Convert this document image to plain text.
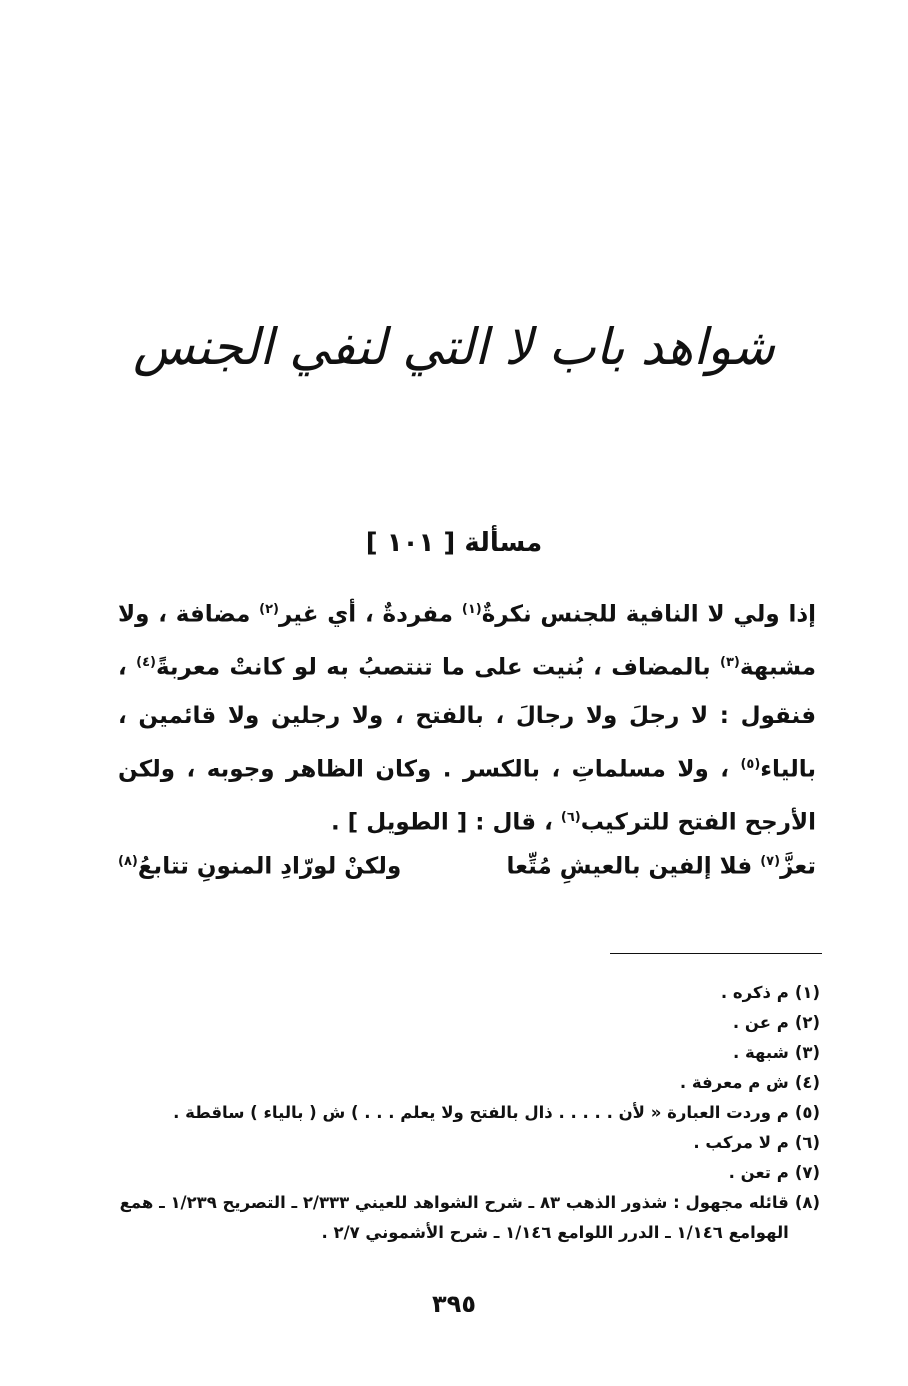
شواهد باب لا التي لنفي الجنس
مسألة [ ١٠١ ]
إذا ولي لا النافية للجنس نكرةٌ$^{(١)}$ مفردةٌ ، أي غير$^{(٢)}$ مضافة ، ولا مشبهة$^{(٣)}$ بالمضاف ، بُنيت على ما تنتصبُ به لو كانتْ معربةً$^{(٤)}$ ، فنقول : لا رجلَ ولا رجالَ ، بالفتح ، ولا رجلين ولا قائمين ، بالياء$^{(٥)}$ ، ولا مسلماتِ ، بالكسر . وكان الظاهر وجوبه ، ولكن الأرجح الفتح للتركيب$^{(٦)}$ ، قال : [ الطويل ] .
تعزَّ$^{(٧)}$ فلا إلفين بالعيشِ مُتِّعا
ولكنْ لورّادِ المنونِ تتابعُ$^{(٨)}$
(١)
م ذكره .
(٢)
م عن .
(٣)
شبهة .
(٤)
ش م معرفة .
(٥)
م وردت العبارة « لأن . . . . . ذال بالفتح ولا يعلم . . . ) ش ( بالياء ) ساقطة .
(٦)
م لا مركب .
(٧)
م تعن .
(٨)
قائله مجهول : شذور الذهب ٨٣ ـ شرح الشواهد للعيني ٢/٣٣٣ ـ التصريح ١/٢٣٩ ـ همع الهوامع ١/١٤٦ ـ الدرر اللوامع ١/١٤٦ ـ شرح الأشموني ٢/٧ .
٣٩٥
